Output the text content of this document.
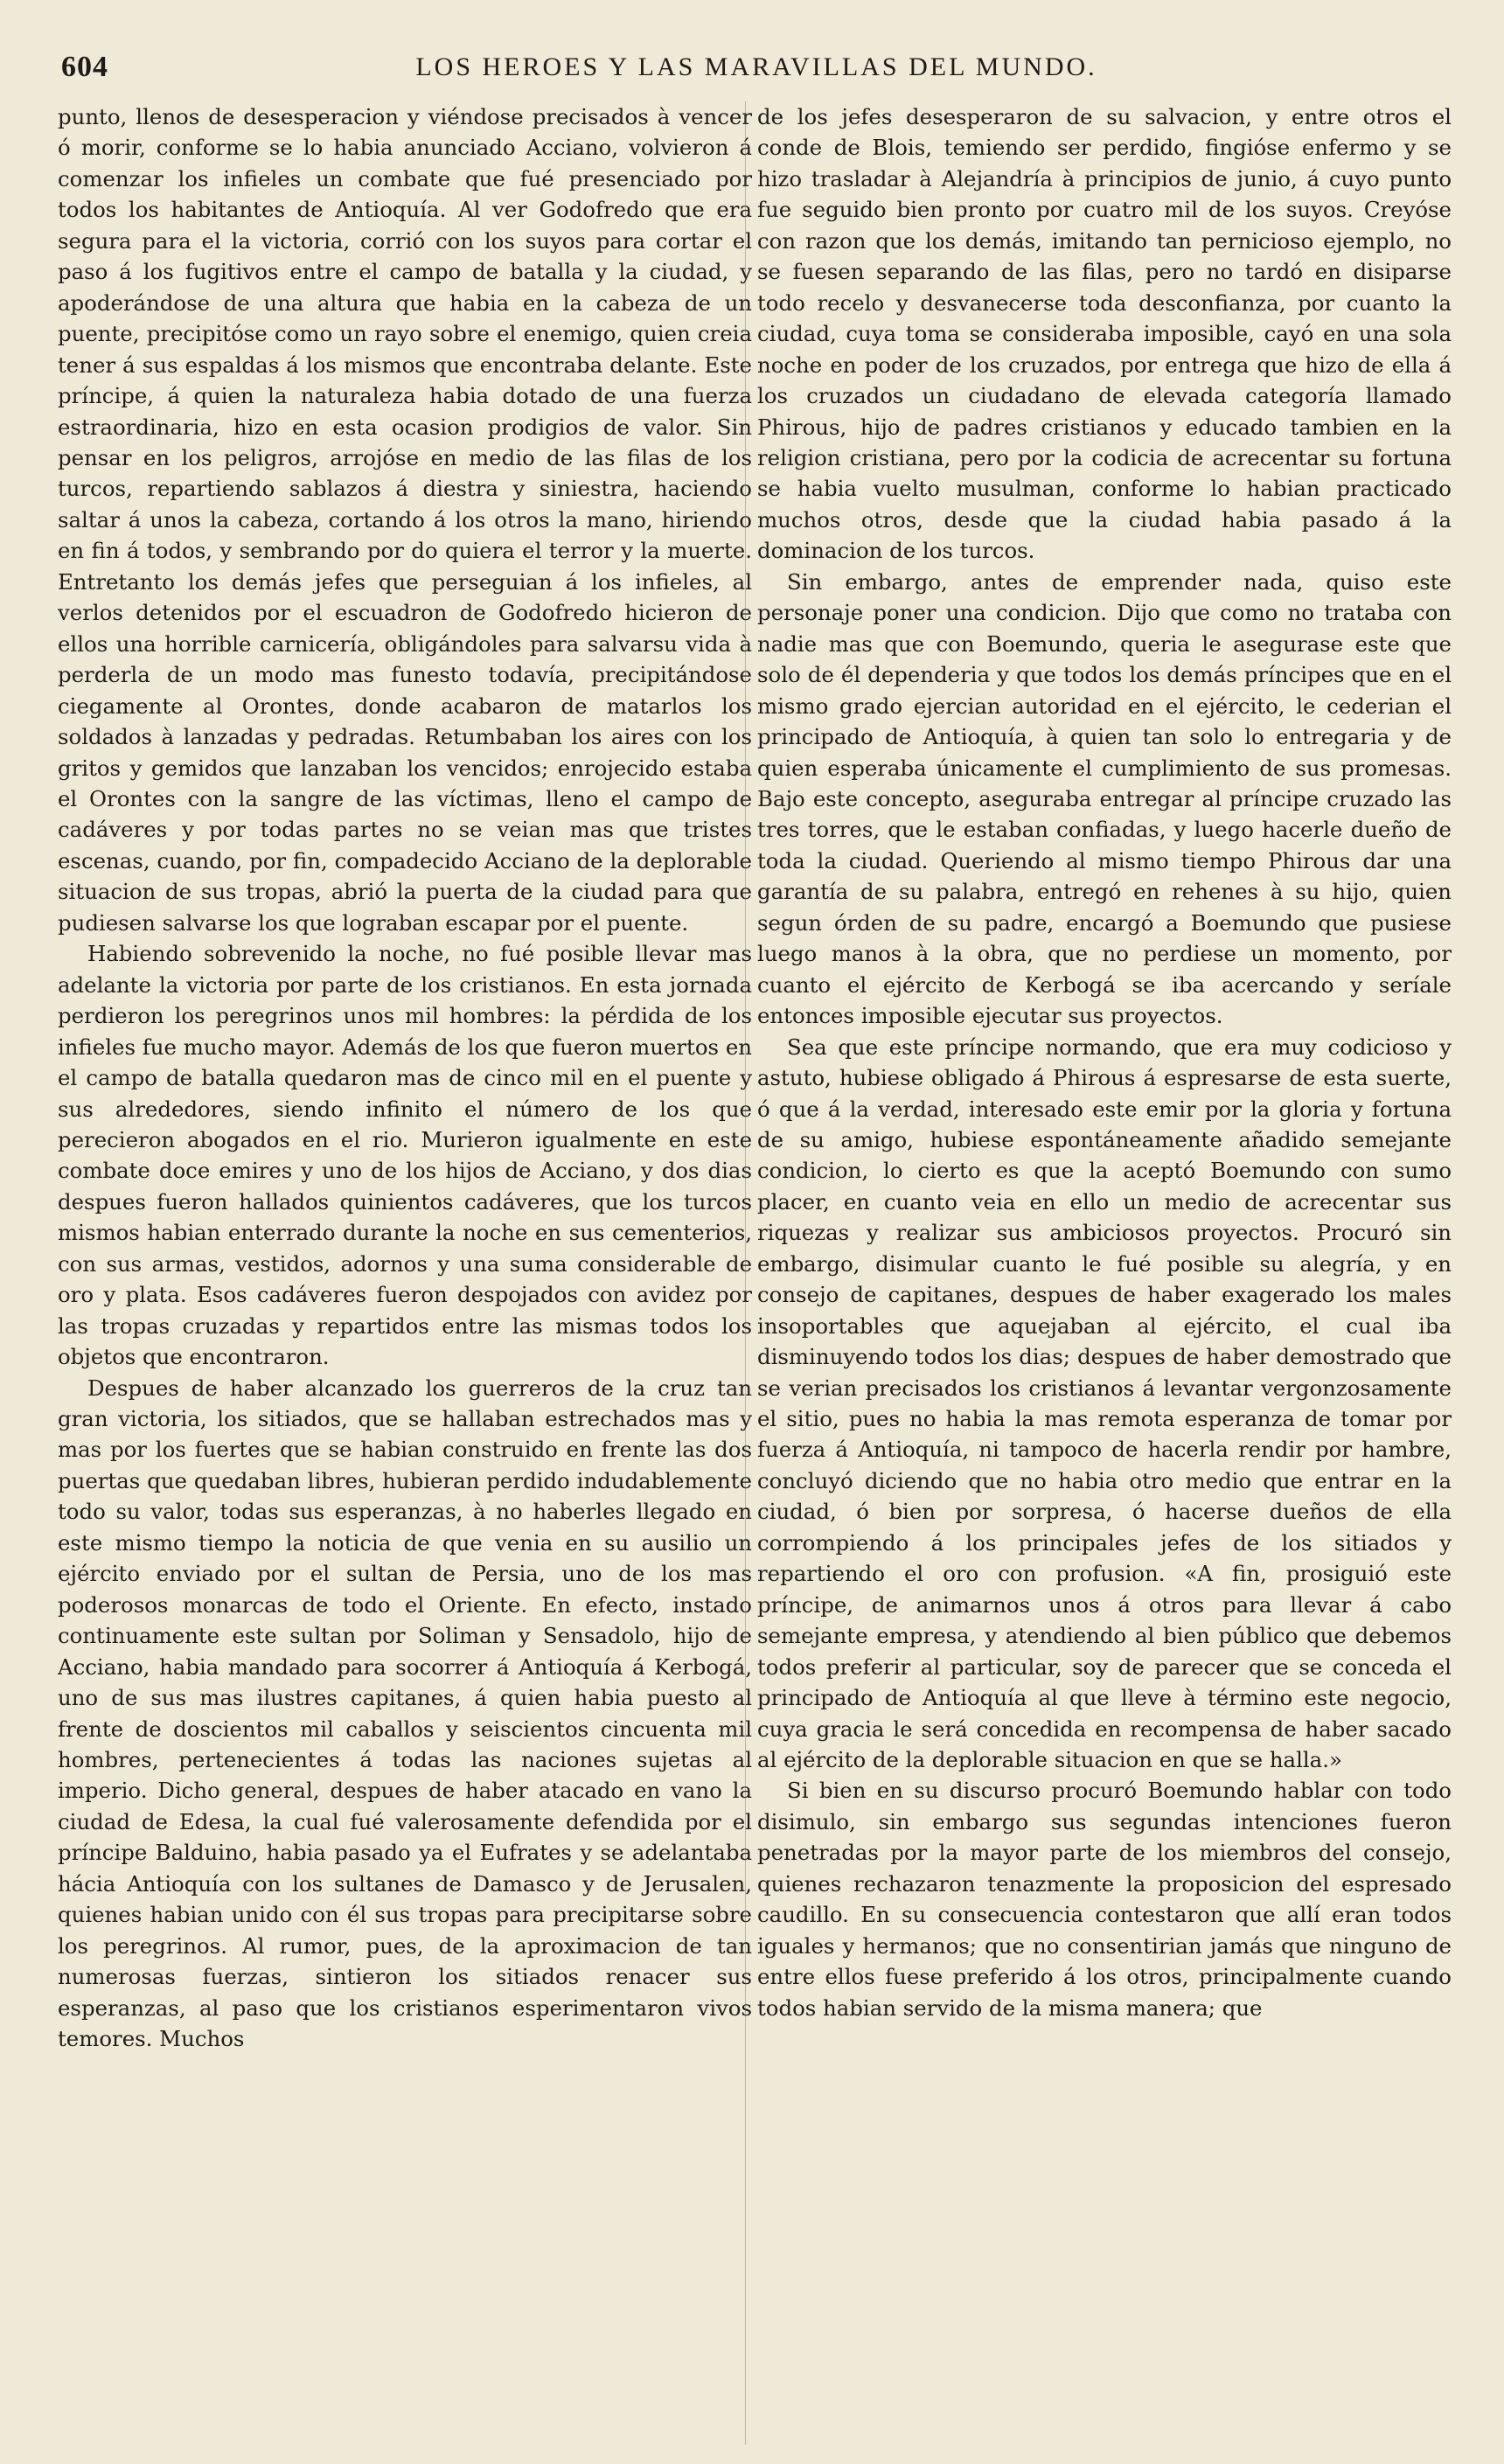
604	LOS HEROES Y LAS MARAVILLAS DEL MUNDO.

punto, llenos de desesperacion y viéndose precisados à vencer ó morir, conforme se lo habia anunciado Acciano, volvieron á comenzar los infieles un combate que fué presenciado por todos los habitantes de Antioquía. Al ver Godofredo que era segura para el la victoria, corrió con los suyos para cortar el paso á los fugitivos entre el campo de batalla y la ciudad, y apoderándose de una altura que habia en la cabeza de un puente, precipitóse como un rayo sobre el enemigo, quien creia tener á sus espaldas á los mismos que encontraba delante. Este príncipe, á quien la naturaleza habia dotado de una fuerza estraordinaria, hizo en esta ocasion prodigios de valor. Sin pensar en los peligros, arrojóse en medio de las filas de los turcos, repartiendo sablazos á diestra y siniestra, haciendo saltar á unos la cabeza, cortando á los otros la mano, hiriendo en fin á todos, y sembrando por do quiera el terror y la muerte. Entretanto los demás jefes que perseguian á los infieles, al verlos detenidos por el escuadron de Godofredo hicieron de ellos una horrible carnicería, obligándoles para salvarsu vida à perderla de un modo mas funesto todavía, precipitándose ciegamente al Orontes, donde acabaron de matarlos los soldados à lanzadas y pedradas. Retumbaban los aires con los gritos y gemidos que lanzaban los vencidos; enrojecido estaba el Orontes con la sangre de las víctimas, lleno el campo de cadáveres y por todas partes no se veian mas que tristes escenas, cuando, por fin, compadecido Acciano de la deplorable situacion de sus tropas, abrió la puerta de la ciudad para que pudiesen salvarse los que lograban escapar por el puente.

Habiendo sobrevenido la noche, no fué posible llevar mas adelante la victoria por parte de los cristianos. En esta jornada perdieron los peregrinos unos mil hombres: la pérdida de los infieles fue mucho mayor. Además de los que fueron muertos en el campo de batalla quedaron mas de cinco mil en el puente y sus alrededores, siendo infinito el número de los que perecieron abogados en el rio. Murieron igualmente en este combate doce emires y uno de los hijos de Acciano, y dos dias despues fueron hallados quinientos cadáveres, que los turcos mismos habian enterrado durante la noche en sus cementerios, con sus armas, vestidos, adornos y una suma considerable de oro y plata. Esos cadáveres fueron despojados con avidez por las tropas cruzadas y repartidos entre las mismas todos los objetos que encontraron.

Despues de haber alcanzado los guerreros de la cruz tan gran victoria, los sitiados, que se hallaban estrechados mas y mas por los fuertes que se habian construido en frente las dos puertas que quedaban libres, hubieran perdido indudablemente todo su valor, todas sus esperanzas, à no haberles llegado en este mismo tiempo la noticia de que venia en su ausilio un ejército enviado por el sultan de Persia, uno de los mas poderosos monarcas de todo el Oriente. En efecto, instado continuamente este sultan por Soliman y Sensadolo, hijo de Acciano, habia mandado para socorrer á Antioquía á Kerbogá, uno de sus mas ilustres capitanes, á quien habia puesto al frente de doscientos mil caballos y seiscientos cincuenta mil hombres, pertenecientes á todas las naciones sujetas al imperio. Dicho general, despues de haber atacado en vano la ciudad de Edesa, la cual fué valerosamente defendida por el príncipe Balduino, habia pasado ya el Eufrates y se adelantaba hácia Antioquía con los sultanes de Damasco y de Jerusalen, quienes habian unido con él sus tropas para precipitarse sobre los peregrinos. Al rumor, pues, de la aproximacion de tan numerosas fuerzas, sintieron los sitiados renacer sus esperanzas, al paso que los cristianos esperimentaron vivos temores. Muchos

de los jefes desesperaron de su salvacion, y entre otros el conde de Blois, temiendo ser perdido, fingióse enfermo y se hizo trasladar à Alejandría à principios de junio, á cuyo punto fue seguido bien pronto por cuatro mil de los suyos. Creyóse con razon que los demás, imitando tan pernicioso ejemplo, no se fuesen separando de las filas, pero no tardó en disiparse todo recelo y desvanecerse toda desconfianza, por cuanto la ciudad, cuya toma se consideraba imposible, cayó en una sola noche en poder de los cruzados, por entrega que hizo de ella á los cruzados un ciudadano de elevada categoría llamado Phirous, hijo de padres cristianos y educado tambien en la religion cristiana, pero por la codicia de acrecentar su fortuna se habia vuelto musulman, conforme lo habian practicado muchos otros, desde que la ciudad habia pasado á la dominacion de los turcos.

Sin embargo, antes de emprender nada, quiso este personaje poner una condicion. Dijo que como no trataba con nadie mas que con Boemundo, queria le asegurase este que solo de él dependeria y que todos los demás príncipes que en el mismo grado ejercian autoridad en el ejército, le cederian el principado de Antioquía, à quien tan solo lo entregaria y de quien esperaba únicamente el cumplimiento de sus promesas. Bajo este concepto, aseguraba entregar al príncipe cruzado las tres torres, que le estaban confiadas, y luego hacerle dueño de toda la ciudad. Queriendo al mismo tiempo Phirous dar una garantía de su palabra, entregó en rehenes à su hijo, quien segun órden de su padre, encargó a Boemundo que pusiese luego manos à la obra, que no perdiese un momento, por cuanto el ejército de Kerbogá se iba acercando y seríale entonces imposible ejecutar sus proyectos.

Sea que este príncipe normando, que era muy codicioso y astuto, hubiese obligado á Phirous á espresarse de esta suerte, ó que á la verdad, interesado este emir por la gloria y fortuna de su amigo, hubiese espontáneamente añadido semejante condicion, lo cierto es que la aceptó Boemundo con sumo placer, en cuanto veia en ello un medio de acrecentar sus riquezas y realizar sus ambiciosos proyectos. Procuró sin embargo, disimular cuanto le fué posible su alegría, y en consejo de capitanes, despues de haber exagerado los males insoportables que aquejaban al ejército, el cual iba disminuyendo todos los dias; despues de haber demostrado que se verian precisados los cristianos á levantar vergonzosamente el sitio, pues no habia la mas remota esperanza de tomar por fuerza á Antioquía, ni tampoco de hacerla rendir por hambre, concluyó diciendo que no habia otro medio que entrar en la ciudad, ó bien por sorpresa, ó hacerse dueños de ella corrompiendo á los principales jefes de los sitiados y repartiendo el oro con profusion. «A fin, prosiguió este príncipe, de animarnos unos á otros para llevar á cabo semejante empresa, y atendiendo al bien público que debemos todos preferir al particular, soy de parecer que se conceda el principado de Antioquía al que lleve à término este negocio, cuya gracia le será concedida en recompensa de haber sacado al ejército de la deplorable situacion en que se halla.»

Si bien en su discurso procuró Boemundo hablar con todo disimulo, sin embargo sus segundas intenciones fueron penetradas por la mayor parte de los miembros del consejo, quienes rechazaron tenazmente la proposicion del espresado caudillo. En su consecuencia contestaron que allí eran todos iguales y hermanos; que no consentirian jamás que ninguno de entre ellos fuese preferido á los otros, principalmente cuando todos habian servido de la misma manera; que
